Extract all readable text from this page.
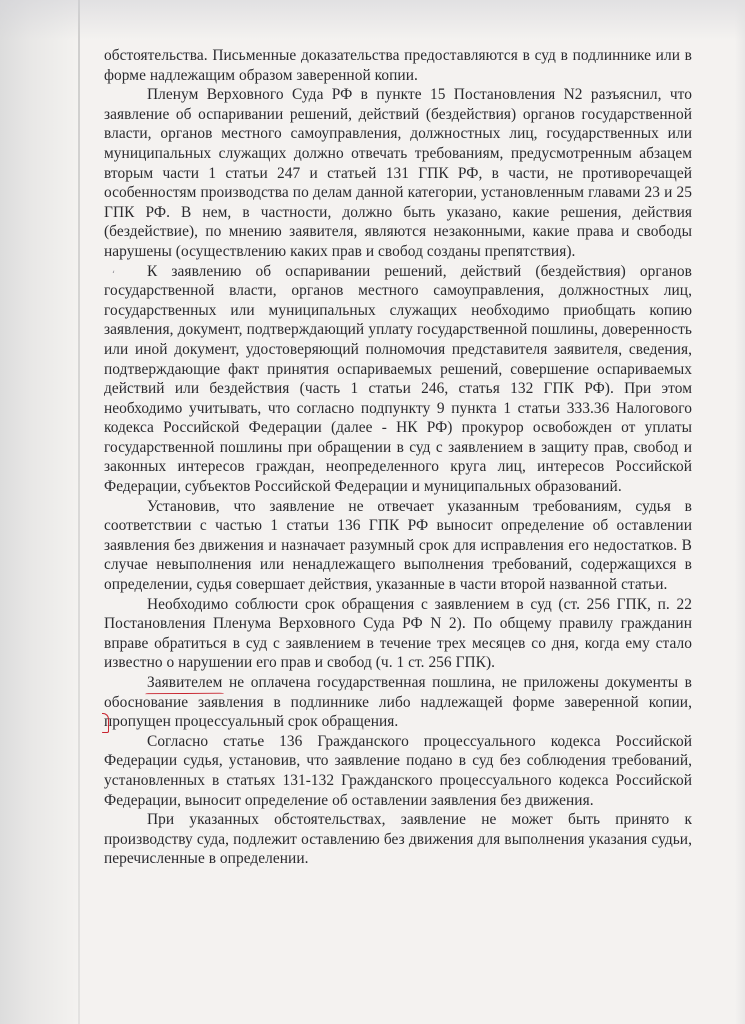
ʻ

обстоятельства. Письменные доказательства предоставляются в суд в подлиннике или в форме надлежащим образом заверенной копии.

Пленум Верховного Суда РФ в пункте 15 Постановления N2 разъяснил, что заявление об оспаривании решений, действий (бездействия) органов государственной власти, органов местного самоуправления, должностных лиц, государственных или муниципальных служащих должно отвечать требованиям, предусмотренным абзацем вторым части 1 статьи 247 и статьей 131 ГПК РФ, в части, не противоречащей особенностям производства по делам данной категории, установленным главами 23 и 25 ГПК РФ. В нем, в частности, должно быть указано, какие решения, действия (бездействие), по мнению заявителя, являются незаконными, какие права и свободы нарушены (осуществлению каких прав и свобод созданы препятствия).

К заявлению об оспаривании решений, действий (бездействия) органов государственной власти, органов местного самоуправления, должностных лиц, государственных или муниципальных служащих необходимо приобщать копию заявления, документ, подтверждающий уплату государственной пошлины, доверенность или иной документ, удостоверяющий полномочия представителя заявителя, сведения, подтверждающие факт принятия оспариваемых решений, совершение оспариваемых действий или бездействия (часть 1 статьи 246, статья 132 ГПК РФ). При этом необходимо учитывать, что согласно подпункту 9 пункта 1 статьи 333.36 Налогового кодекса Российской Федерации (далее - НК РФ) прокурор освобожден от уплаты государственной пошлины при обращении в суд с заявлением в защиту прав, свобод и законных интересов граждан, неопределенного круга лиц, интересов Российской Федерации, субъектов Российской Федерации и муниципальных образований.

Установив, что заявление не отвечает указанным требованиям, судья в соответствии с частью 1 статьи 136 ГПК РФ выносит определение об оставлении заявления без движения и назначает разумный срок для исправления его недостатков. В случае невыполнения или ненадлежащего выполнения требований, содержащихся в определении, судья совершает действия, указанные в части второй названной статьи.

Необходимо соблюсти срок обращения с заявлением в суд (ст. 256 ГПК, п. 22 Постановления Пленума Верховного Суда РФ N 2). По общему правилу гражданин вправе обратиться в суд с заявлением в течение трех месяцев со дня, когда ему стало известно о нарушении его прав и свобод (ч. 1 ст. 256 ГПК).

Заявителем не оплачена государственная пошлина, не приложены документы в обоснование заявления в подлиннике либо надлежащей форме заверенной копии, пропущен процессуальный срок обращения.

Согласно статье 136 Гражданского процессуального кодекса Российской Федерации судья, установив, что заявление подано в суд без соблюдения требований, установленных в статьях 131-132 Гражданского процессуального кодекса Российской Федерации, выносит определение об оставлении заявления без движения.

При указанных обстоятельствах, заявление не может быть принято к производству суда, подлежит оставлению без движения для выполнения указания судьи, перечисленные в определении.
